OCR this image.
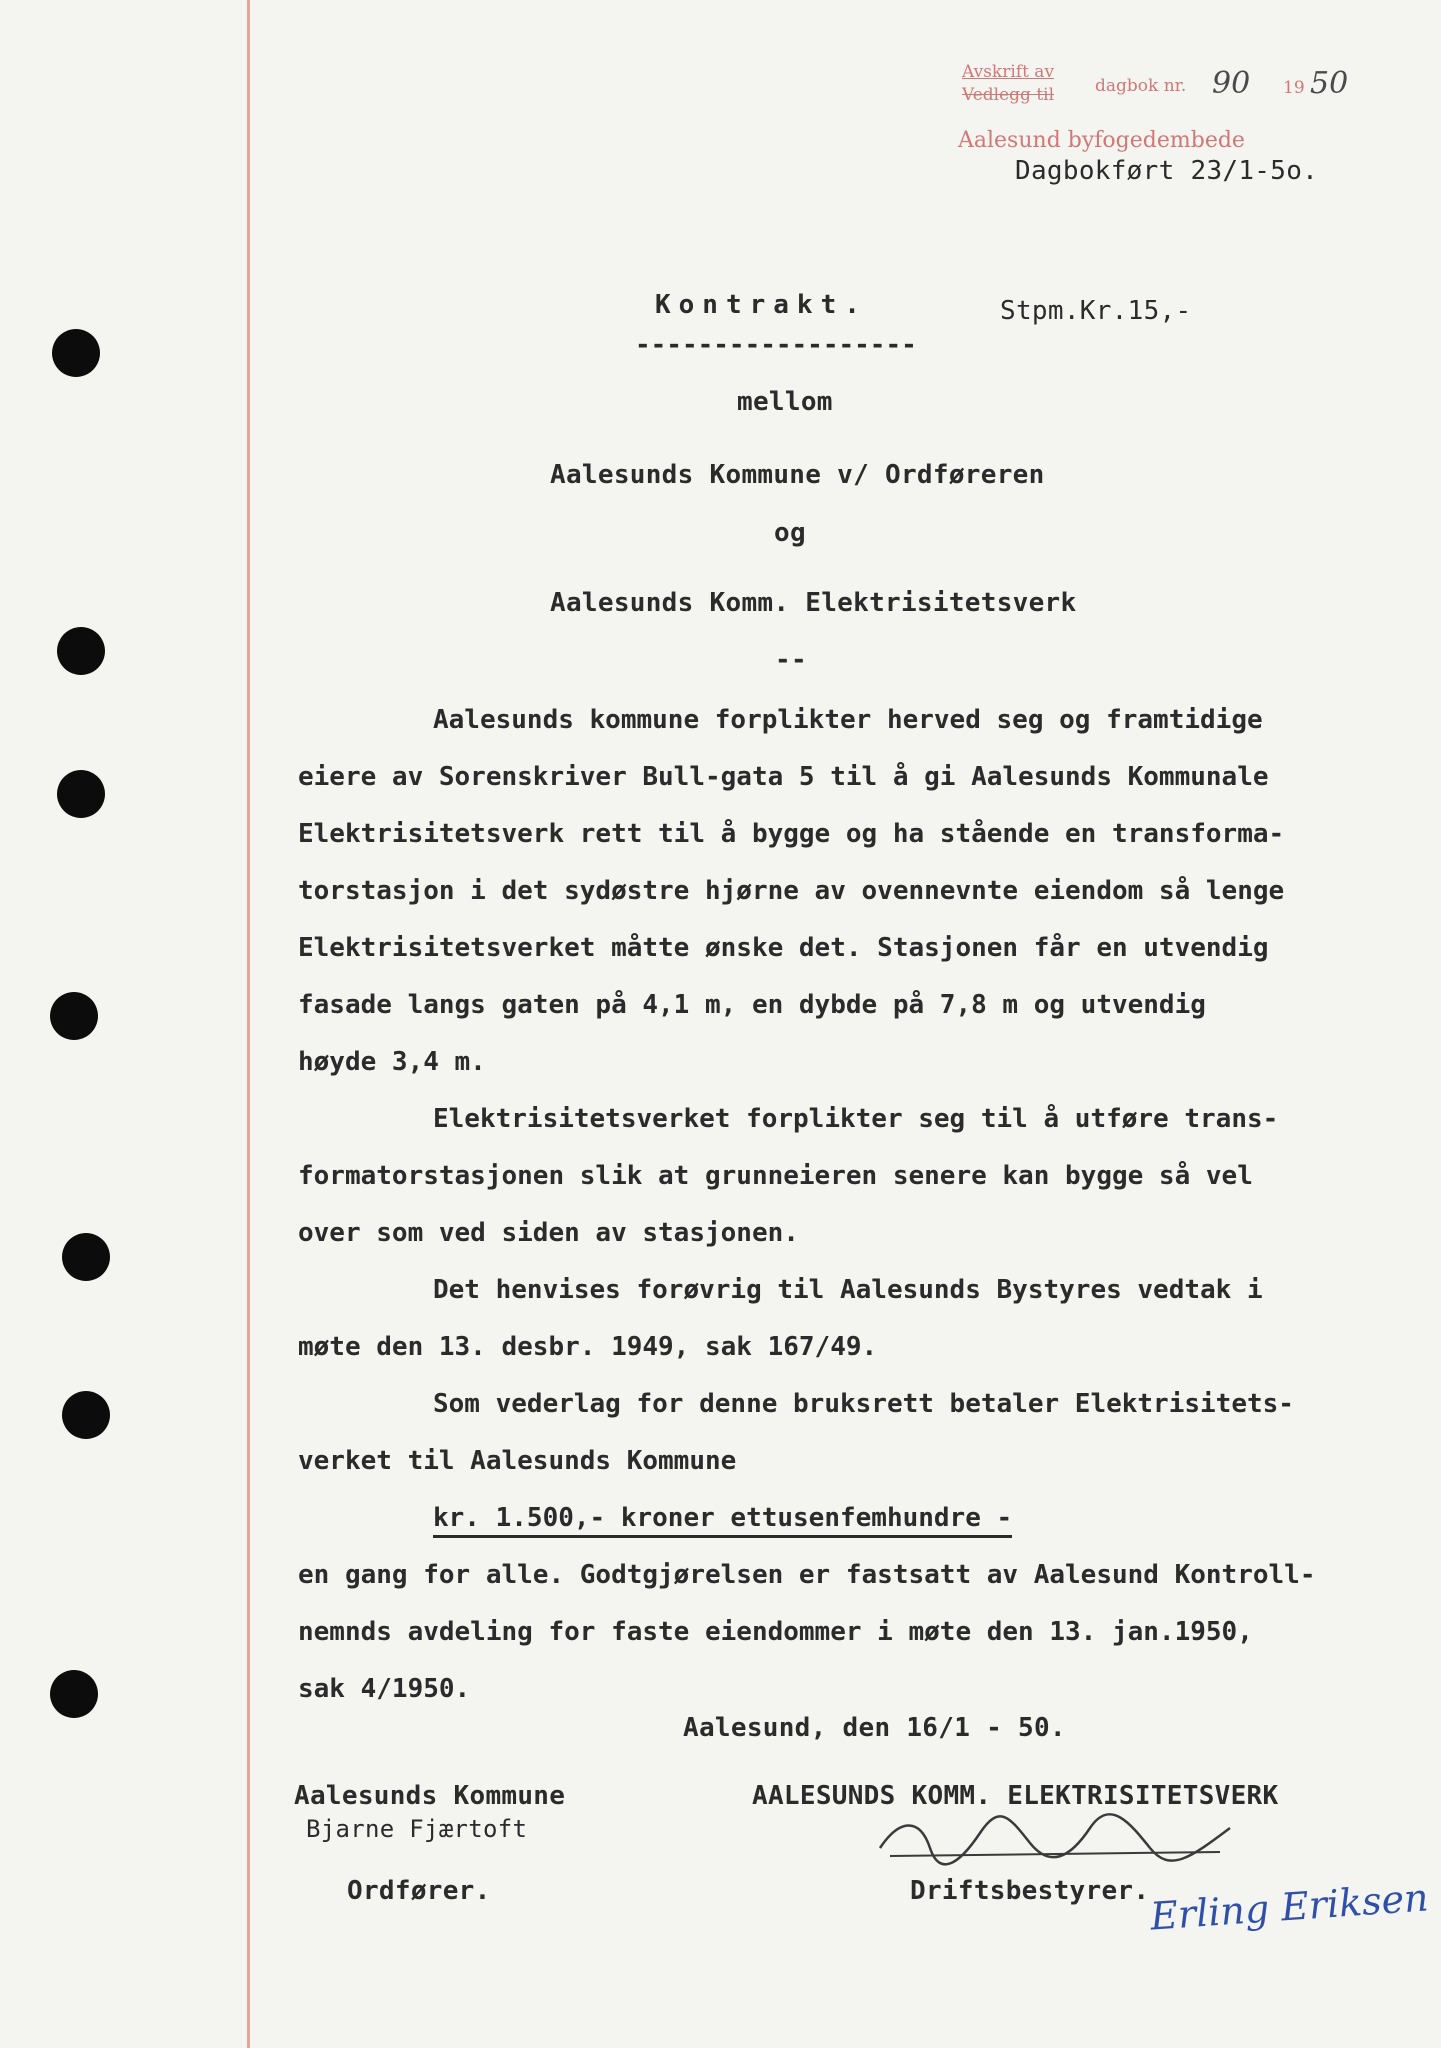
Avskrift av
Vedlegg til dagbok nr. 90 19 50
Aalesund byfogedembede
Dagbokført 23/1-5o.
Kontrakt.	Stpm.Kr.15,-
------------------
mellom
Aalesunds Kommune v/ Ordføreren
og
Aalesunds Komm. Elektrisitetsverk
--

Aalesunds kommune forplikter herved seg og framtidige
eiere av Sorenskriver Bull-gata 5 til å gi Aalesunds Kommunale
Elektrisitetsverk rett til å bygge og ha stående en transforma-
torstasjon i det sydøstre hjørne av ovennevnte eiendom så lenge
Elektrisitetsverket måtte ønske det. Stasjonen får en utvendig
fasade langs gaten på 4,1 m, en dybde på 7,8 m og utvendig
høyde 3,4 m.

Elektrisitetsverket forplikter seg til å utføre trans-
formatorstasjonen slik at grunneieren senere kan bygge så vel
over som ved siden av stasjonen.

Det henvises forøvrig til Aalesunds Bystyres vedtak i
møte den 13. desbr. 1949, sak 167/49.

Som vederlag for denne bruksrett betaler Elektrisitets-
verket til Aalesunds Kommune

kr. 1.500,- kroner ettusenfemhundre -

en gang for alle. Godtgjørelsen er fastsatt av Aalesund Kontroll-
nemnds avdeling for faste eiendommer i møte den 13. jan.1950,
sak 4/1950.

Aalesund, den 16/1 - 50.
Aalesunds Kommune
Bjarne Fjærtoft
Ordfører.
AALESUNDS KOMM. ELEKTRISITETSVERK
Driftsbestyrer. Erling Eriksen
